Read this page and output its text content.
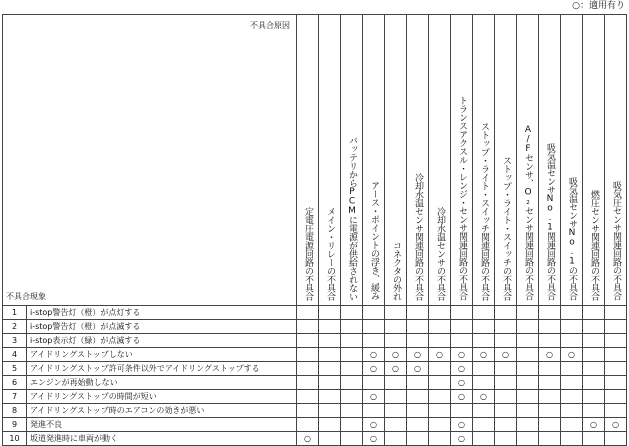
○：適用有り
不具合原因
不具合現象		定電圧電源回路の不具合	メイン・リレーの不具合	バッテリからPCMに電源が供給されない	アース・ポイントの浮き、緩み	コネクタの外れ	冷却水温センサ関連回路の不具合	冷却水温センサの不具合	トランスアクスル・レンジ・センサ関連回路の不具合	ストップ・ライト・スイッチ関連回路の不具合	ストップ・ライト・スイッチの不具合	A/Fセンサ、O₂センサ関連回路の不具合	吸気温センサNo.1関連回路の不具合	吸気温センサNo.1の不具合	燃圧センサ関連回路の不具合	吸気圧センサ関連回路の不具合

1	i-stop警告灯（橙）が点灯する															
2	i-stop警告灯（橙）が点滅する															
3	i-stop表示灯（緑）が点滅する															
4	アイドリングストップしない				○	○	○	○	○	○	○		○	○		
5	アイドリングストップ許可条件以外でアイドリングストップする				○	○	○		○							
6	エンジンが再始動しない								○							
7	アイドリングストップの時間が短い				○				○	○						
8	アイドリングストップ時のエアコンの効きが悪い															
9	発進不良				○				○						○	○
10	坂道発進時に車両が動く	○			○				○							
